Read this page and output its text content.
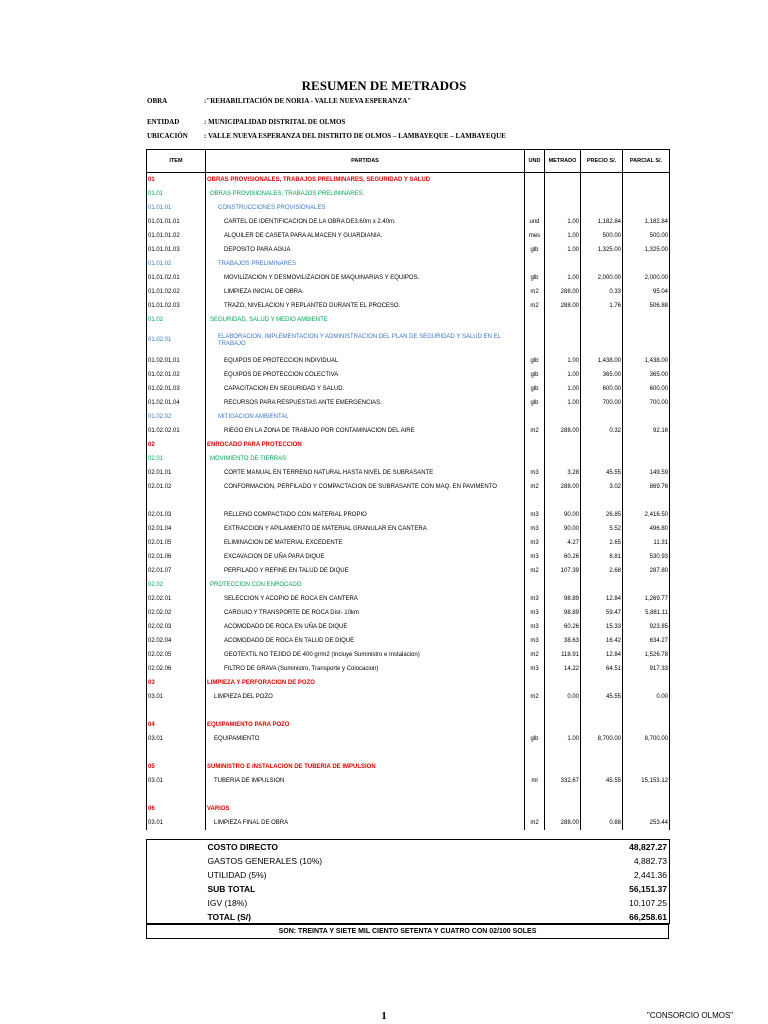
RESUMEN DE METRADOS
OBRA	:"REHABILITACIÓN DE NORIA - VALLE NUEVA ESPERANZA"
ENTIDAD	: MUNICIPALIDAD DISTRITAL DE OLMOS
UBICACIÓN : VALLE NUEVA ESPERANZA DEL DISTRITO DE OLMOS – LAMBAYEQUE – LAMBAYEQUE
ITEM	PARTIDAS	UND	METRADO	PRECIO S/.	PARCIAL S/.
01	OBRAS PROVISIONALES, TRABAJOS PRELIMINARES, SEGURIDAD Y SALUD				
01.01	OBRAS PROVISIONALES, TRABAJOS PRELIMINARES.				
01.01.01	CONSTRUCCIONES PROVISIONALES				
01.01.01.01	CARTEL DE IDENTIFICACION DE LA OBRA DE3.60m x 2.40m.	und	1.00	1,182.84	1,182.84
01.01.01.02	ALQUILER DE CASETA PARA ALMACEN Y GUARDIANIA.	mes	1.00	500.00	500.00
01.01.01.03	DEPOSITO PARA AGUA	glb	1.00	1,325.00	1,325.00
01.01.02	TRABAJOS PRELIMINARES				
01.01.02.01	MOVILIZACION Y DESMOVILIZACION DE MAQUINARIAS Y EQUIPOS.	glb	1.00	2,000.00	2,000.00
01.01.02.02	LIMPIEZA INICIAL DE OBRA.	m2	288.00	0.33	95.04
01.01.02.03	TRAZO, NIVELACION Y REPLANTEO DURANTE EL PROCESO.	m2	288.00	1.76	506.88
01.02	SEGURIDAD, SALUD Y MEDIO AMBIENTE				
01.02.01	ELABORACION, IMPLEMENTACION Y ADMINISTRACION DEL PLAN DE SEGURIDAD Y SALUD EN EL TRABAJO				
01.02.01.01	EQUIPOS DE PROTECCION INDIVIDUAL	glb	1.00	1,438.00	1,438.00
01.02.01.02	EQUIPOS DE PROTECCION COLECTIVA	glb	1.00	365.00	365.00
01.02.01.03	CAPACITACION EN SEGURIDAD Y SALUD.	glb	1.00	600.00	600.00
01.02.01.04	RECURSOS PARA RESPUESTAS ANTE EMERGENCIAS.	glb	1.00	700.00	700.00
01.02.02	MITIGACION AMBIENTAL				
01.02.02.01	RIEGO EN LA ZONA DE TRABAJO POR CONTAMINACION DEL AIRE	m2	288.00	0.32	92.16
02	ENROCADO PARA PROTECCION				
02.01	MOVIMIENTO DE TIERRAS				
02.01.01	CORTE MANUAL EN TERRENO NATURAL HASTA NIVEL DE SUBRASANTE	m3	3.28	45.55	149.59
02.01.02	CONFORMACION, PERFILADO Y COMPACTACION DE SUBRASANTE CON MAQ. EN PAVIMENTO	m2	288.00	3.02	869.76

02.01.03	RELLENO COMPACTADO CON MATERIAL PROPIO	m3	90.00	26.85	2,416.50
02.01.04	EXTRACCION Y APILAMIENTO DE MATERIAL GRANULAR EN CANTERA	m3	90.00	5.52	496.80
02.01.05	ELIMINACION DE MATERIAL EXCEDENTE	m3	4.27	2.65	11.31
02.01.06	EXCAVACION DE UÑA PARA DIQUE	m3	60.26	8.81	530.93
02.01.07	PERFILADO Y REFINE EN TALUD DE DIQUE	m2	107.39	2.68	287.80
02.02	PROTECCION CON ENROCADO				
02.02.01	SELECCION Y ACOPIO DE ROCA EN CANTERA	m3	98.89	12.84	1,269.77
02.02.02	CARGUIO Y TRANSPORTE DE ROCA Dist- 10km	m3	98.89	59.47	5,881.11
02.02.03	ACOMODADO DE ROCA EN UÑA DE DIQUE	m3	60.26	15.33	923.85
02.02.04	ACOMODADO DE ROCA EN TALUD DE DIQUE	m3	38.63	16.42	634.27
02.02.05	GEOTEXTIL NO TEJIDO DE 400 gr/m2 (Incluye Suministro e Instalacion)	m2	118.91	12.84	1,526.78
02.02.06	FILTRO DE GRAVA (Suministro, Transporte y Colocacion)	m3	14.22	64.51	917.33
03	LIMPIEZA Y PERFORACION DE POZO				
03.01	LIMPIEZA DEL POZO	m2	0.00	45.55	0.00

04	EQUIPAMIENTO PARA POZO				
03.01	EQUIPAMIENTO	glb	1.00	8,700.00	8,700.00

05	SUMINISTRO E INSTALACION DE TUBERIA DE IMPULSION				
03.01	TUBERIA DE IMPULSION	ml	332.67	45.55	15,153.12

06	VARIOS				
03.01	LIMPIEZA FINAL DE OBRA	m2	288.00	0.88	253.44
	COSTO DIRECTO	48,827.27
	GASTOS GENERALES (10%)	4,882.73
	UTILIDAD (5%)	2,441.36
	SUB TOTAL	56,151.37
	IGV (18%)	10,107.25
	TOTAL (S/)	66,258.61
SON: TREINTA Y SIETE MIL CIENTO SETENTA Y CUATRO CON 02/100 SOLES
1	"CONSORCIO OLMOS"
